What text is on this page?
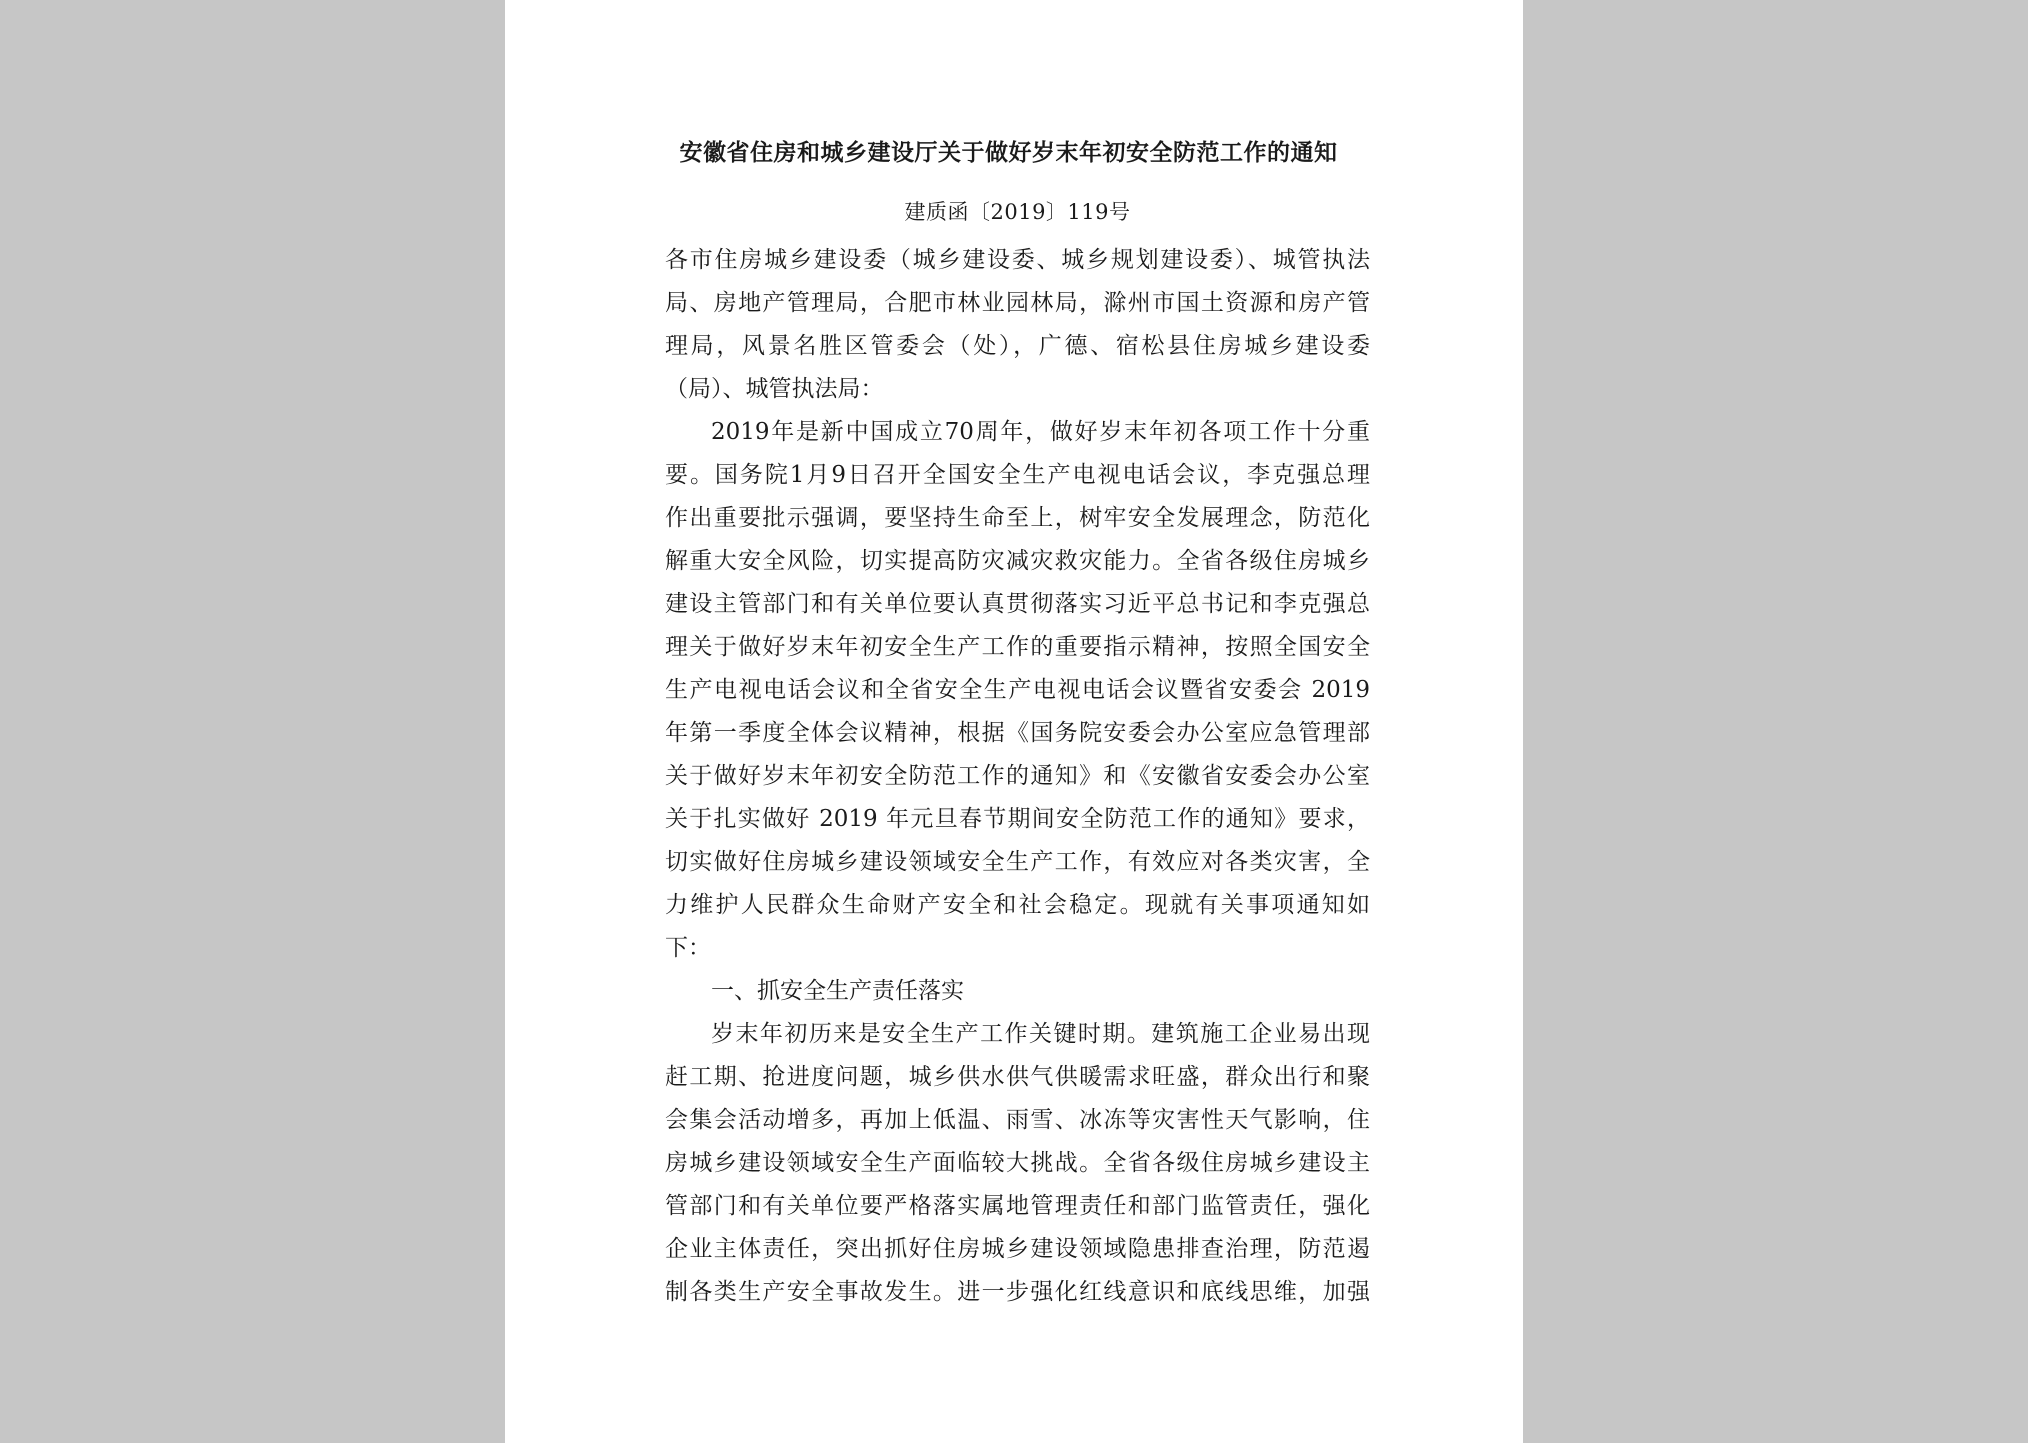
安徽省住房和城乡建设厅关于做好岁末年初安全防范工作的通知
建质函〔2019〕119号
各市住房城乡建设委（城乡建设委、城乡规划建设委）、城管执法
局、房地产管理局，合肥市林业园林局，滁州市国土资源和房产管
理局，风景名胜区管委会（处），广德、宿松县住房城乡建设委
（局）、城管执法局：
2019年是新中国成立70周年，做好岁末年初各项工作十分重
要。国务院1月9日召开全国安全生产电视电话会议，李克强总理
作出重要批示强调，要坚持生命至上，树牢安全发展理念，防范化
解重大安全风险，切实提高防灾减灾救灾能力。全省各级住房城乡
建设主管部门和有关单位要认真贯彻落实习近平总书记和李克强总
理关于做好岁末年初安全生产工作的重要指示精神，按照全国安全
生产电视电话会议和全省安全生产电视电话会议暨省安委会 2019
年第一季度全体会议精神，根据《国务院安委会办公室应急管理部
关于做好岁末年初安全防范工作的通知》和《安徽省安委会办公室
关于扎实做好 2019 年元旦春节期间安全防范工作的通知》要求，
切实做好住房城乡建设领域安全生产工作，有效应对各类灾害，全
力维护人民群众生命财产安全和社会稳定。现就有关事项通知如
下：
一、抓安全生产责任落实
岁末年初历来是安全生产工作关键时期。建筑施工企业易出现
赶工期、抢进度问题，城乡供水供气供暖需求旺盛，群众出行和聚
会集会活动增多，再加上低温、雨雪、冰冻等灾害性天气影响，住
房城乡建设领域安全生产面临较大挑战。全省各级住房城乡建设主
管部门和有关单位要严格落实属地管理责任和部门监管责任，强化
企业主体责任，突出抓好住房城乡建设领域隐患排查治理，防范遏
制各类生产安全事故发生。进一步强化红线意识和底线思维，加强
